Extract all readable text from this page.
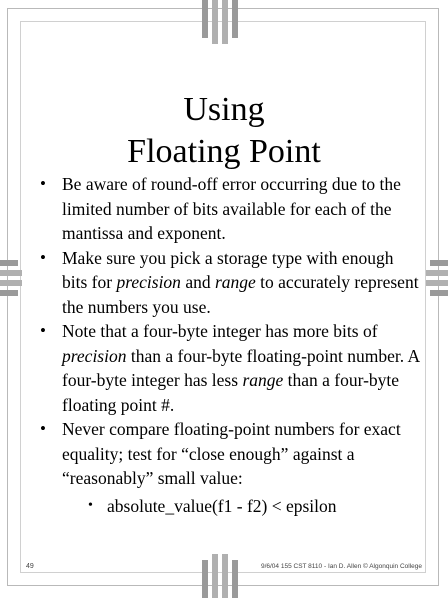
Using
Floating Point
• Be aware of round-off error occurring due to the limited number of bits available for each of the mantissa and exponent.
• Make sure you pick a storage type with enough bits for precision and range to accurately represent the numbers you use.
• Note that a four-byte integer has more bits of precision than a four-byte floating-point number. A four-byte integer has less range than a four-byte floating point #.
• Never compare floating-point numbers for exact equality; test for “close enough” against a “reasonably” small value:
• absolute_value(f1 - f2) < epsilon
49	9/6/04 155 CST 8110 - Ian D. Allen © Algonquin College
